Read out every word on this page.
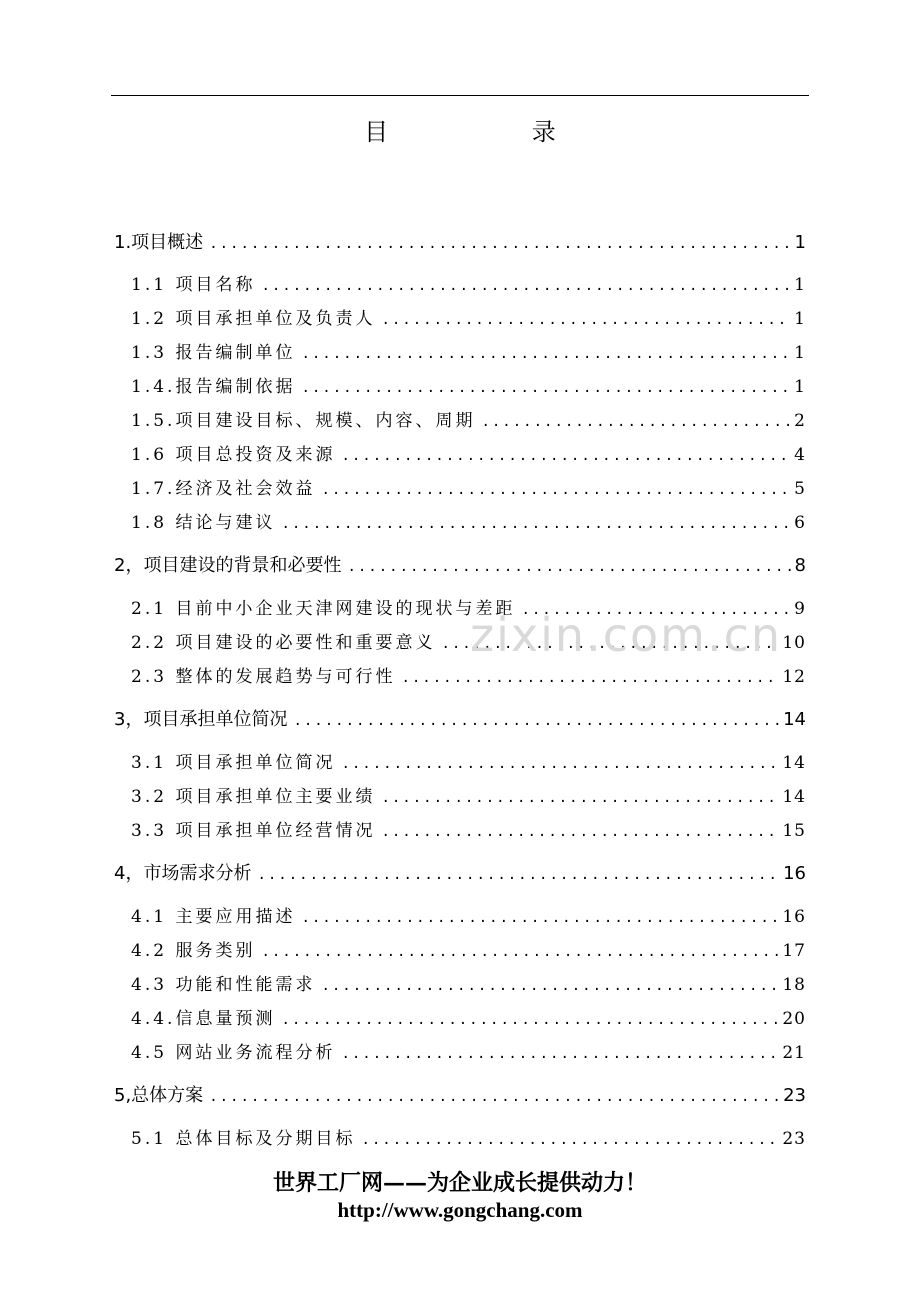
目 录
1.项目概述 .....	1
1.1 项目名称 .....	1
1.2 项目承担单位及负责人 .....	1
1.3 报告编制单位 .....	1
1.4.报告编制依据 .....	1
1.5.项目建设目标、规模、内容、周期 .....	2
1.6 项目总投资及来源 .....	4
1.7.经济及社会效益 .....	5
1.8 结论与建议 .....	6
2，项目建设的背景和必要性 .....	8
2.1 目前中小企业天津网建设的现状与差距 .....	9
2.2 项目建设的必要性和重要意义 .....	10
2.3 整体的发展趋势与可行性 .....	12
3，项目承担单位简况 .....	14
3.1 项目承担单位简况 .....	14
3.2 项目承担单位主要业绩 .....	14
3.3 项目承担单位经营情况 .....	15
4，市场需求分析 .....	16
4.1 主要应用描述 .....	16
4.2 服务类别 .....	17
4.3 功能和性能需求 .....	18
4.4.信息量预测 .....	20
4.5 网站业务流程分析 .....	21
5,总体方案 .....	23
5.1 总体目标及分期目标 .....	23
zixin.com.cn
世界工厂网——为企业成长提供动力！
http://www.gongchang.com
